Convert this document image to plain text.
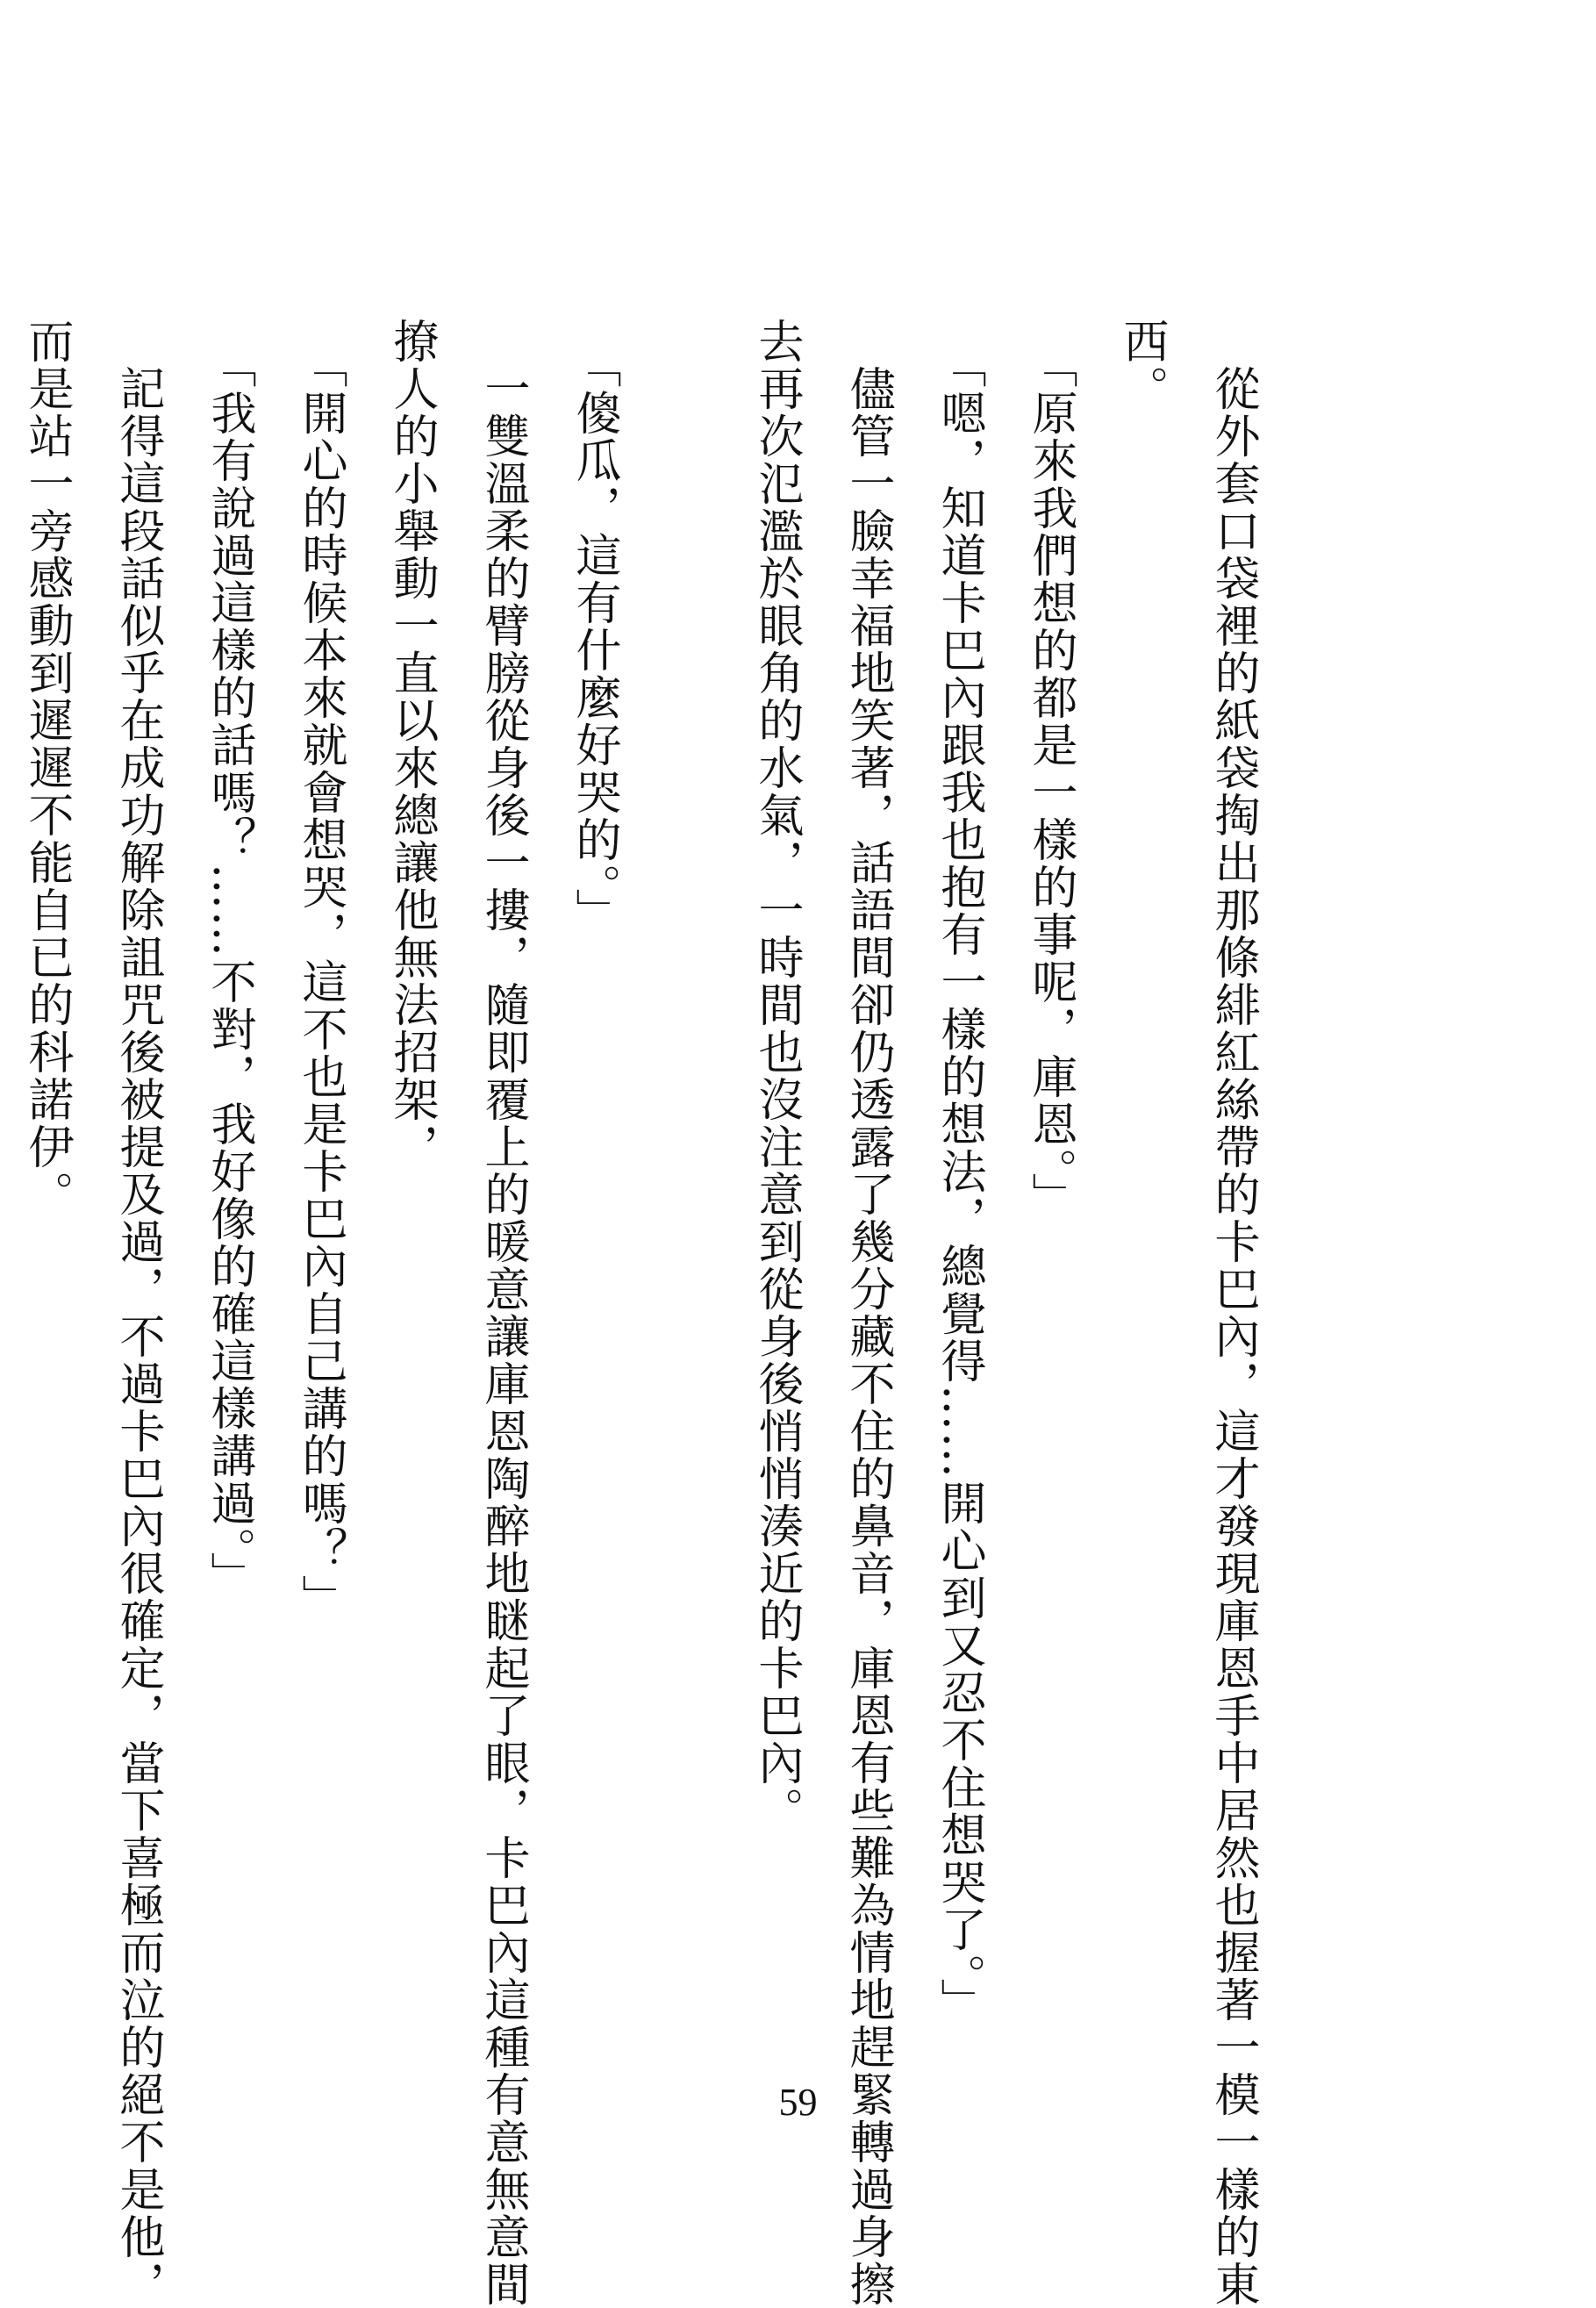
　從外套口袋裡的紙袋掏出那條緋紅絲帶的卡巴內，這才發現庫恩手中居然也握著一模一樣的東
西。
　「原來我們想的都是一樣的事呢，庫恩。」
　「嗯，知道卡巴內跟我也抱有一樣的想法，總覺得……開心到又忍不住想哭了。」
　儘管一臉幸福地笑著，話語間卻仍透露了幾分藏不住的鼻音，庫恩有些難為情地趕緊轉過身擦
去再次氾濫於眼角的水氣，一時間也沒注意到從身後悄悄湊近的卡巴內。

　「傻瓜，這有什麼好哭的。」
　一雙溫柔的臂膀從身後一摟，隨即覆上的暖意讓庫恩陶醉地瞇起了眼，卡巴內這種有意無意間
撩人的小舉動一直以來總讓他無法招架，
　「開心的時候本來就會想哭，這不也是卡巴內自己講的嗎？」
　「我有說過這樣的話嗎？……不對，我好像的確這樣講過。」
　記得這段話似乎在成功解除詛咒後被提及過，不過卡巴內很確定，當下喜極而泣的絕不是他，
而是站一旁感動到遲遲不能自已的科諾伊。
59
